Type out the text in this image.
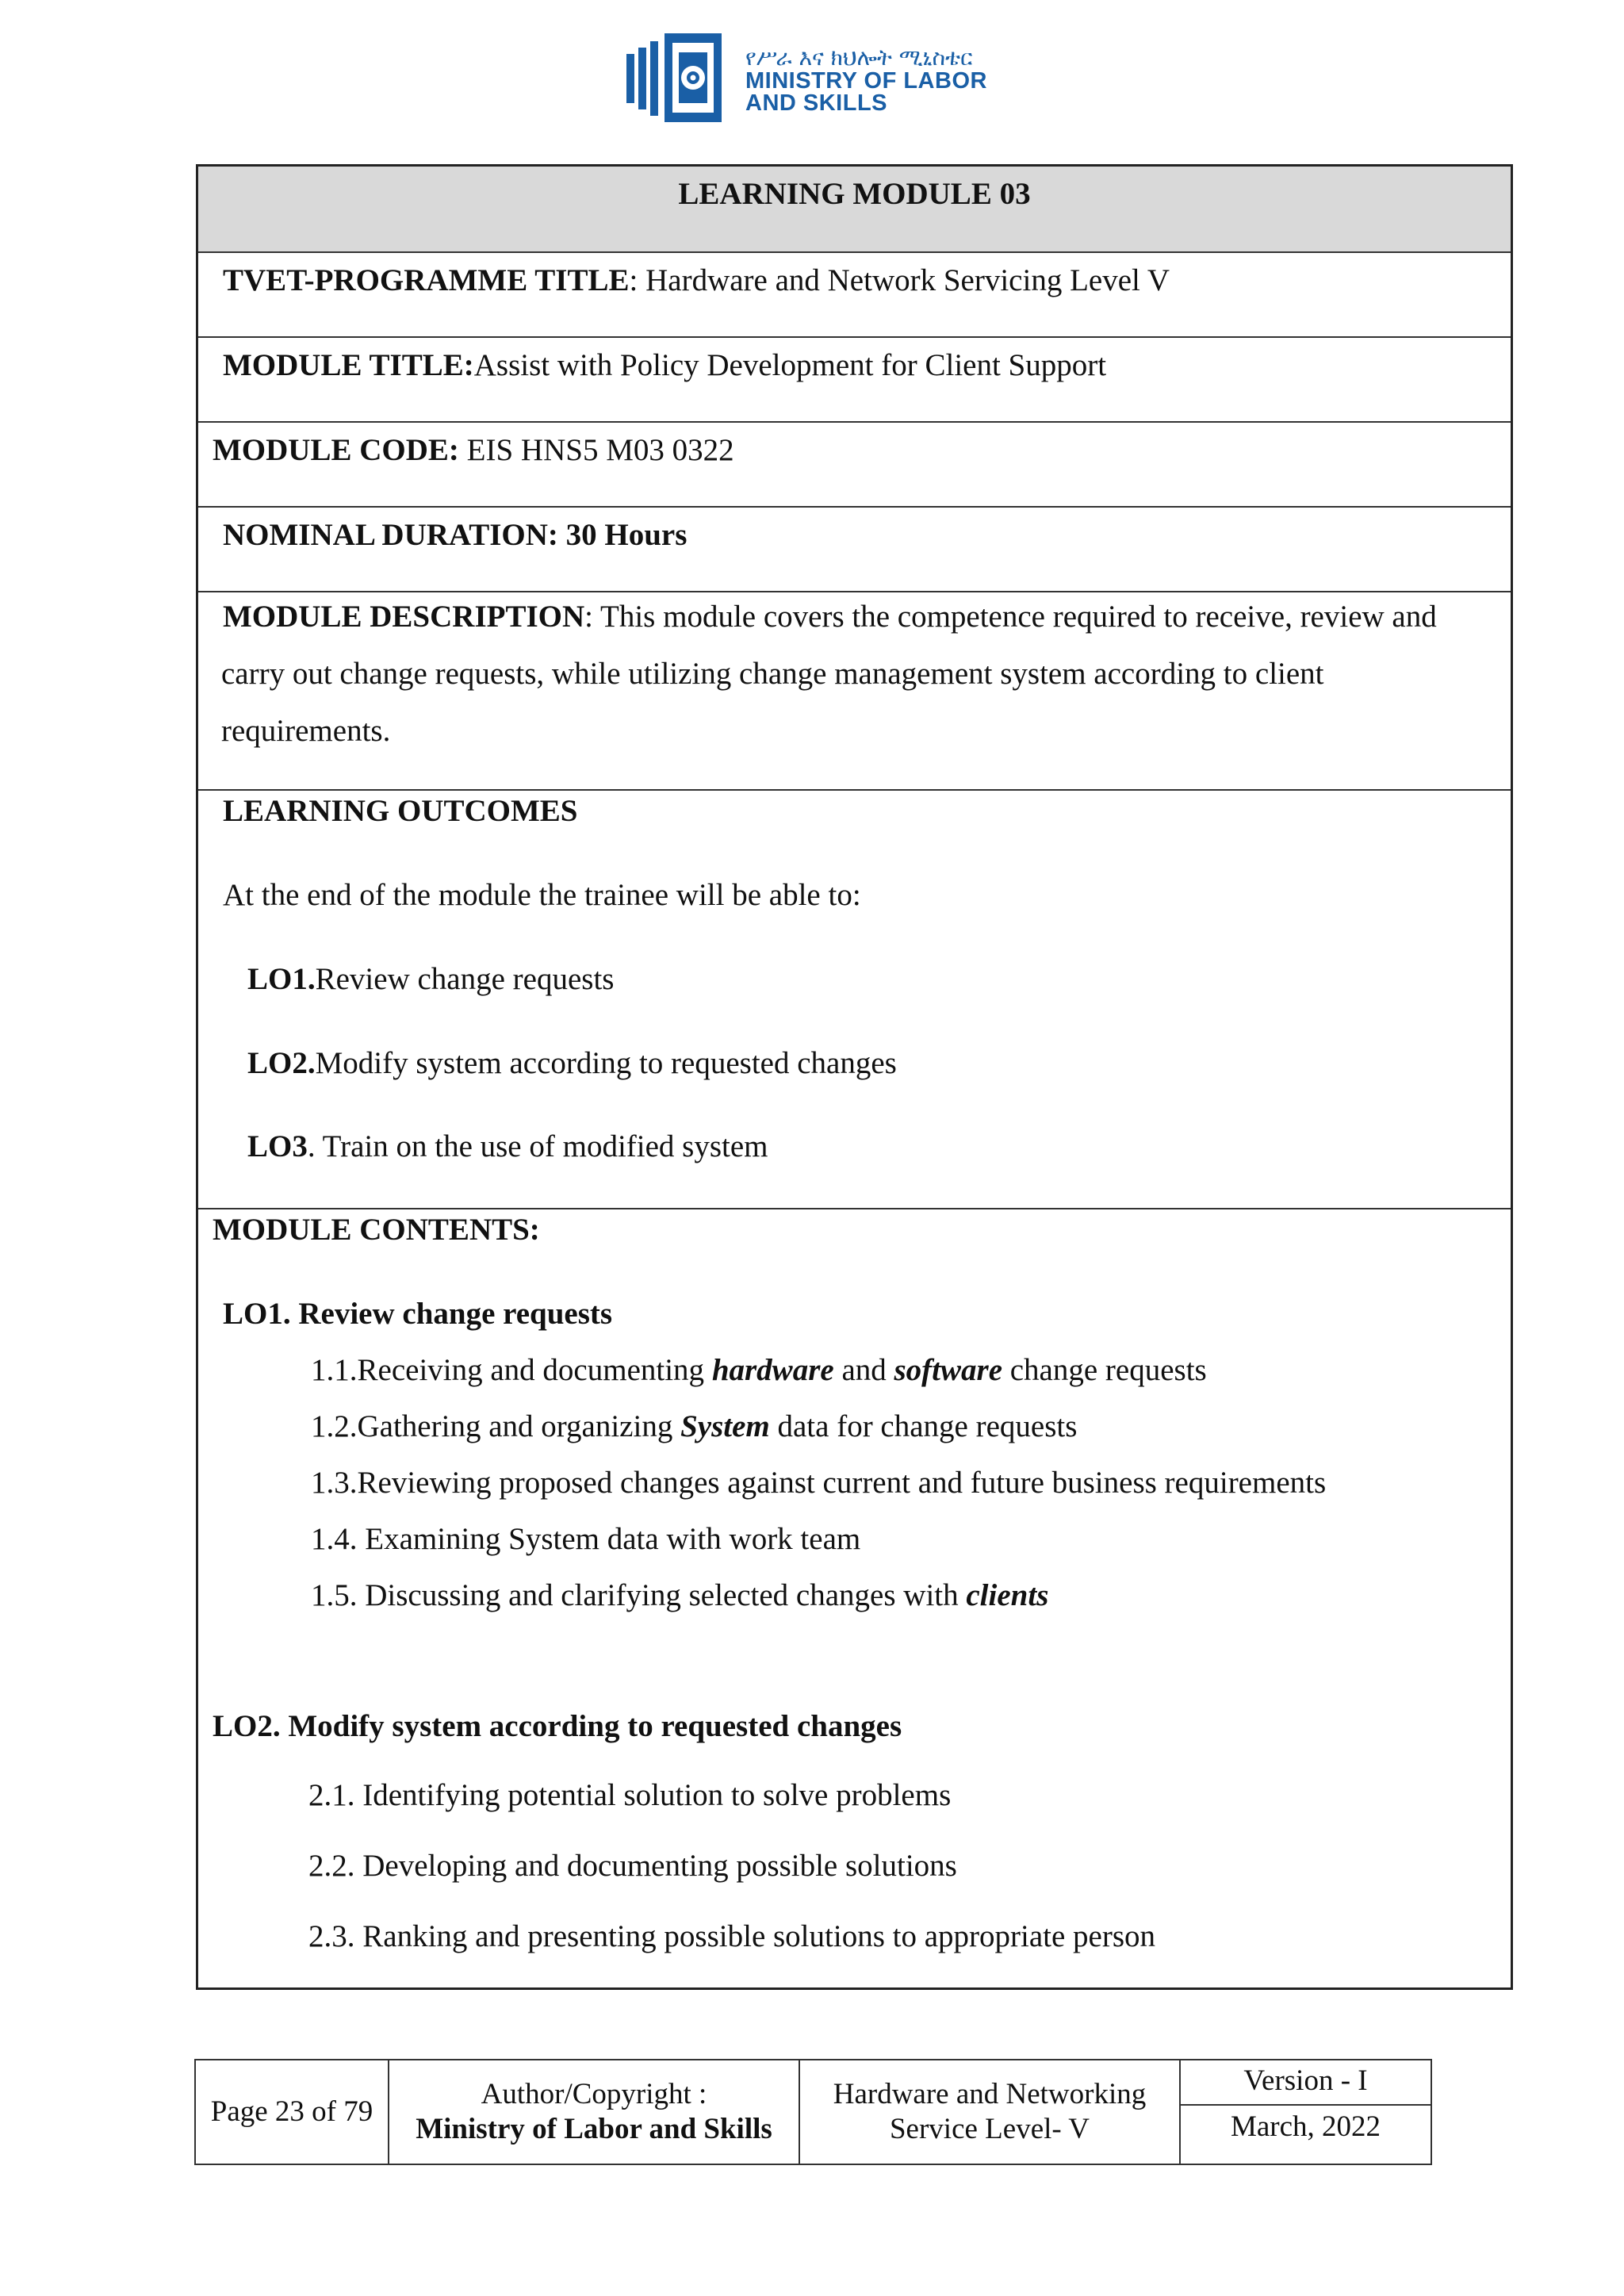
የሥራ እና ክህሎት ሚኒስቴር
MINISTRY OF LABOR
AND SKILLS
LEARNING MODULE 03
TVET-PROGRAMME TITLE: Hardware and Network Servicing Level V
MODULE TITLE:Assist with Policy Development for Client Support
MODULE CODE: EIS HNS5 M03 0322
NOMINAL DURATION: 30 Hours
MODULE DESCRIPTION: This module covers the competence required to receive, review and carry out change requests, while utilizing change management system according to client requirements.
LEARNING OUTCOMES
At the end of the module the trainee will be able to:
LO1.Review change requests
LO2.Modify system according to requested changes
LO3. Train on the use of modified system
MODULE CONTENTS:
LO1. Review change requests
1.1.Receiving and documenting hardware and software change requests
1.2.Gathering and organizing System data for change requests
1.3.Reviewing proposed changes against current and future business requirements
1.4. Examining System data with work team
1.5. Discussing and clarifying selected changes with clients
LO2. Modify system according to requested changes
2.1. Identifying potential solution to solve problems
2.2. Developing and documenting possible solutions
2.3. Ranking and presenting possible solutions to appropriate person
Page 23 of 79
Author/Copyright :
Ministry of Labor and Skills
Hardware and Networking
Service Level- V
Version - I
March, 2022
